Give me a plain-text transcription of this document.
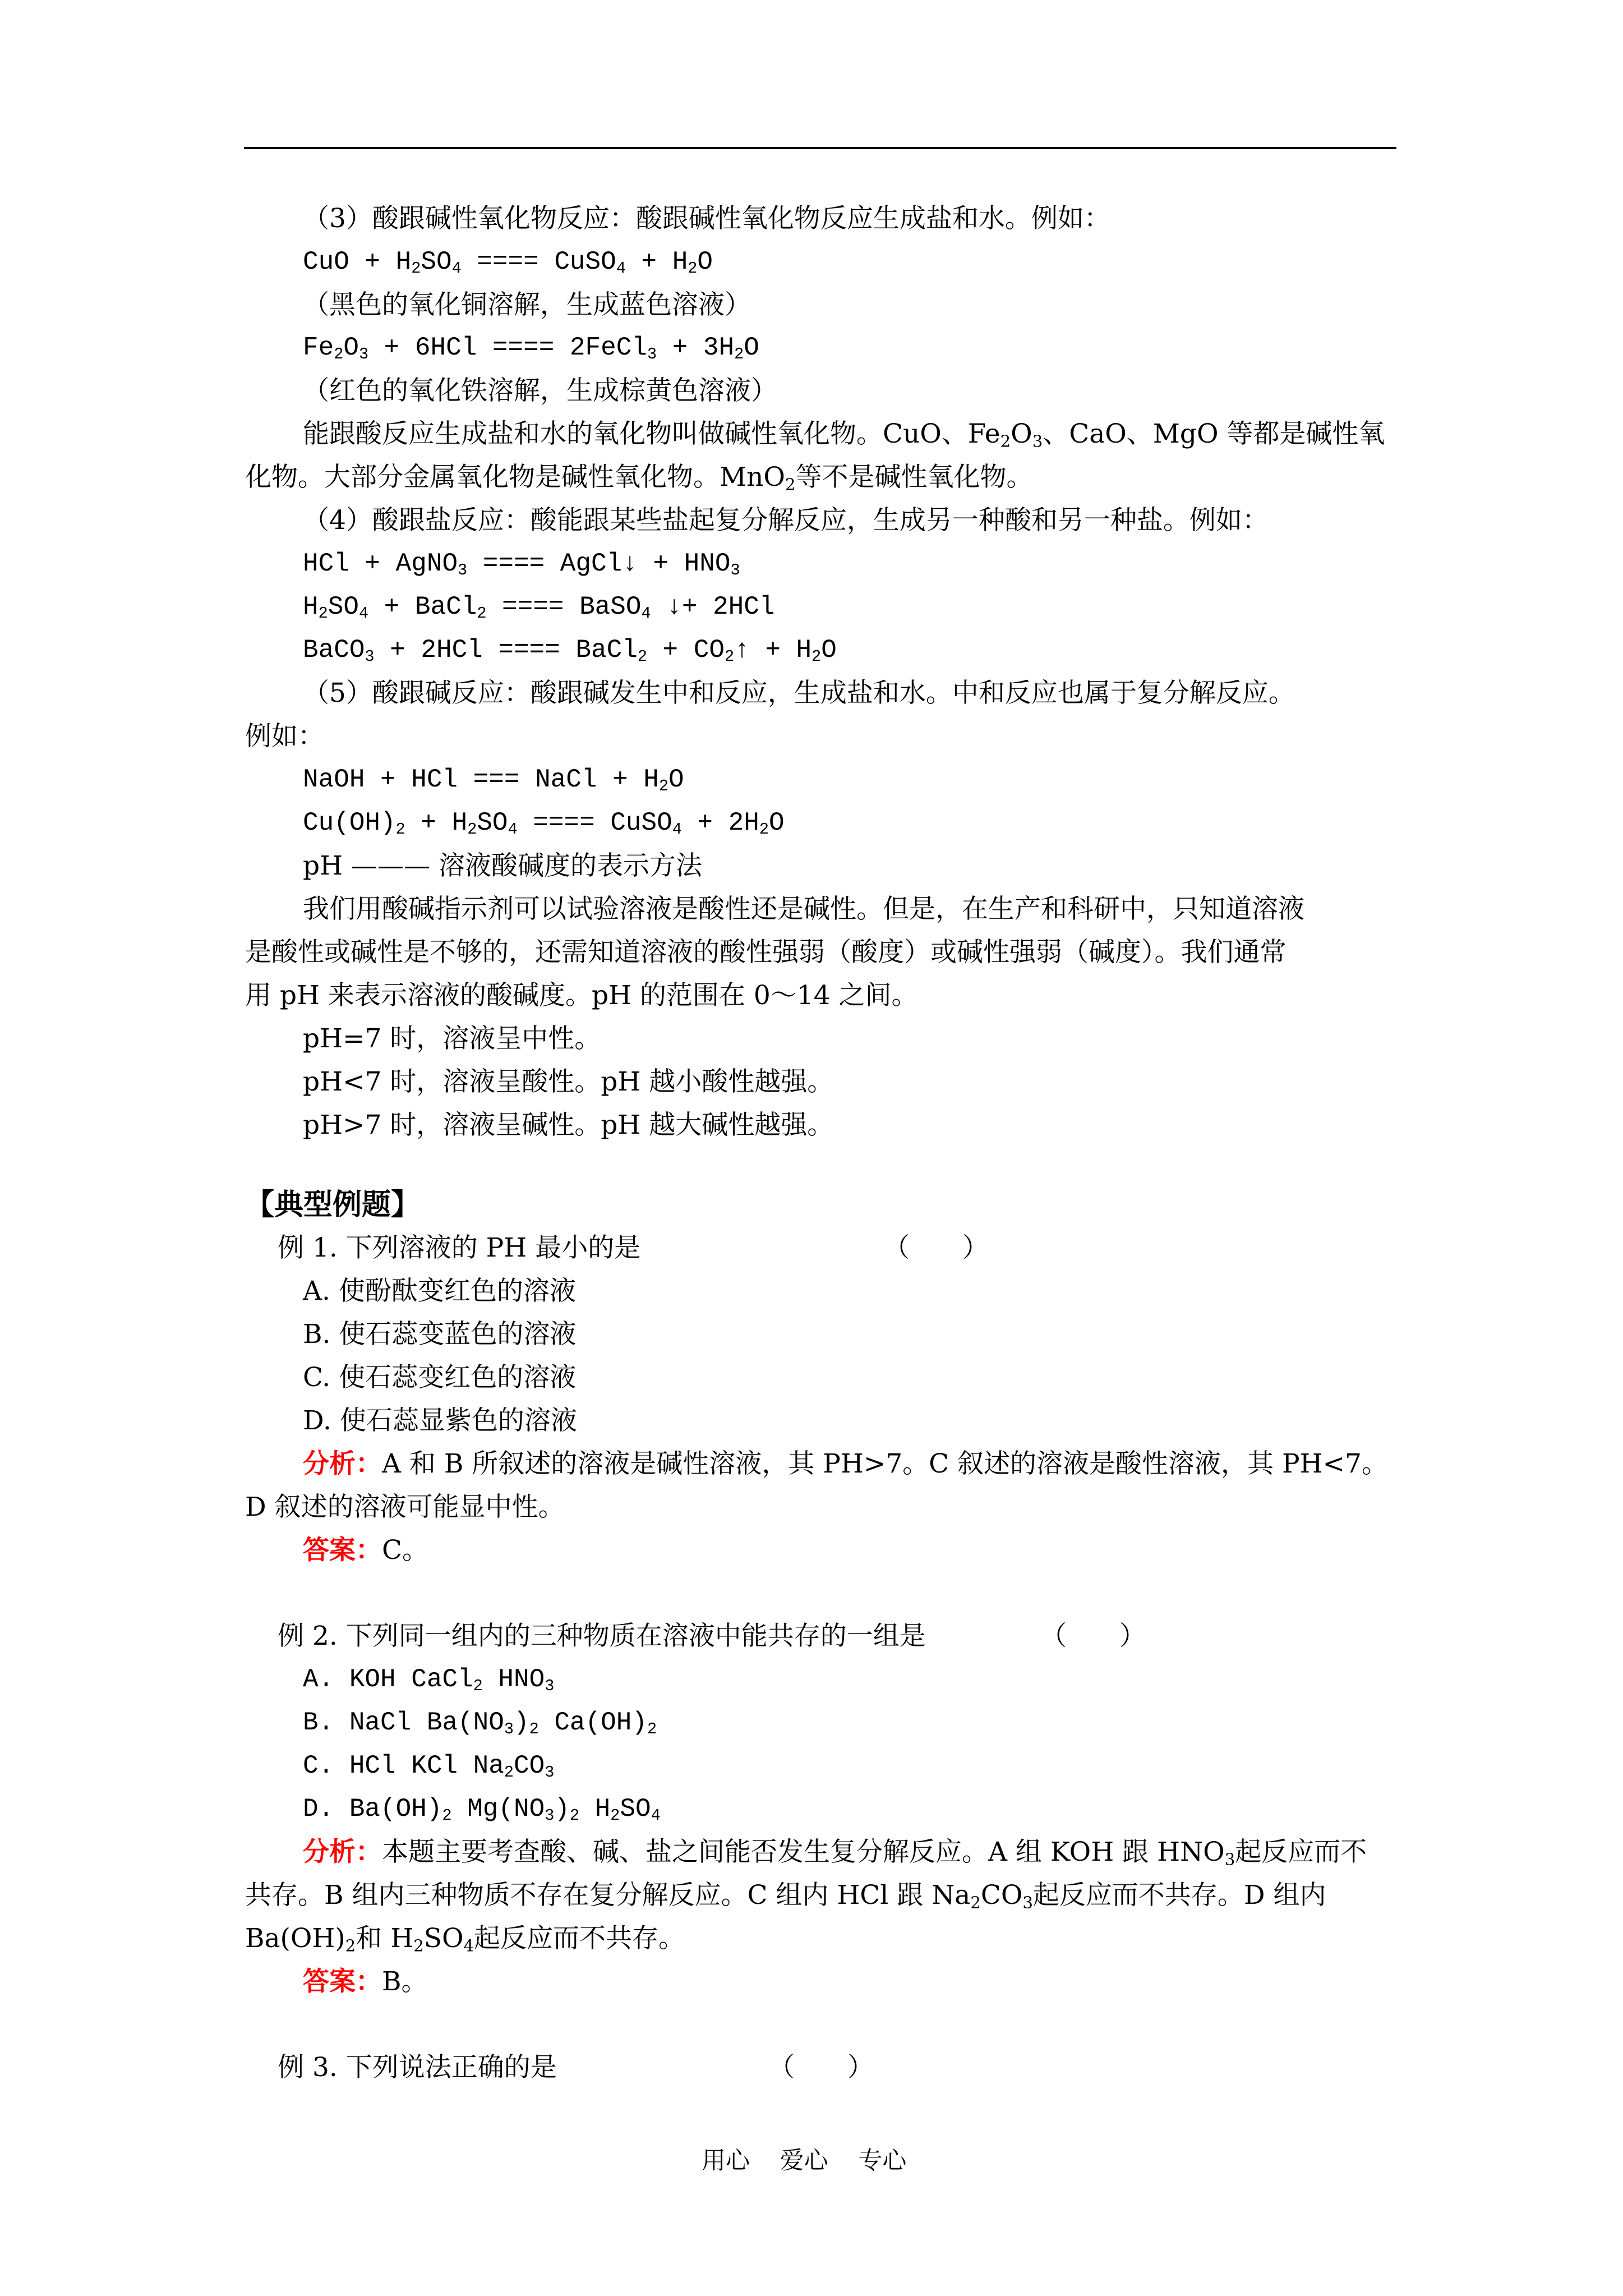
（3）酸跟碱性氧化物反应：酸跟碱性氧化物反应生成盐和水。例如：
CuO + $H_2SO_4$ ==== CuSO$_4$ + $H_2O$
（黑色的氧化铜溶解，生成蓝色溶液）
$Fe_2O_3 + 6HCl$ ==== 2FeCl$_3$ + $3H_2O$
（红色的氧化铁溶解，生成棕黄色溶液）
能跟酸反应生成盐和水的氧化物叫做碱性氧化物。CuO、$Fe_2O_3$、CaO、MgO 等都是碱性氧
化物。大部分金属氧化物是碱性氧化物。MnO$_2$等不是碱性氧化物。
（4）酸跟盐反应：酸能跟某些盐起复分解反应，生成另一种酸和另一种盐。例如：
HCl + AgNO$_3$ ==== AgCl↓ + $HNO_3$
$H_2SO_4$ + BaCl$_2$ ==== BaSO$_4$ ↓+ 2HCl
BaCO$_3$ + 2HCl ==== BaCl$_2$ + $CO_2↑ + H_2O$
（5）酸跟碱反应：酸跟碱发生中和反应，生成盐和水。中和反应也属于复分解反应。
例如：
NaOH + HCl === NaCl + $H_2O$
$Cu(OH)_2 + H_2SO_4$ ==== CuSO$_4$ + $2H_2O$
pH ——— 溶液酸碱度的表示方法
我们用酸碱指示剂可以试验溶液是酸性还是碱性。但是，在生产和科研中，只知道溶液
是酸性或碱性是不够的，还需知道溶液的酸性强弱（酸度）或碱性强弱（碱度）。我们通常
用 pH 来表示溶液的酸碱度。pH 的范围在 0～14 之间。
pH=7 时，溶液呈中性。
pH<7 时，溶液呈酸性。pH 越小酸性越强。
pH>7 时，溶液呈碱性。pH 越大碱性越强。
【典型例题】
例 1. 下列溶液的 PH 最小的是	（　　）
A. 使酚酞变红色的溶液
B. 使石蕊变蓝色的溶液
C. 使石蕊变红色的溶液
D. 使石蕊显紫色的溶液
分析：A 和 B 所叙述的溶液是碱性溶液，其 PH>7。C 叙述的溶液是酸性溶液，其 PH<7。
D 叙述的溶液可能显中性。
答案：C。
例 2. 下列同一组内的三种物质在溶液中能共存的一组是	（　　）
A. KOH CaCl$_2$ $HNO_3$
B. NaCl $Ba(NO_3)_2$ $Ca(OH)_2$
C. HCl KCl $Na_2CO_3$
D. $Ba(OH)_2$ $Mg(NO_3)_2$ $H_2SO_4$
分析：本题主要考查酸、碱、盐之间能否发生复分解反应。A 组 KOH 跟 $HNO_3$起反应而不
共存。B 组内三种物质不存在复分解反应。C 组内 HCl 跟 $Na_2CO_3$起反应而不共存。D 组内
$Ba(OH)_2$和 $H_2SO_4$起反应而不共存。
答案：B。
例 3. 下列说法正确的是	（　　）
用心 爱心 专心
